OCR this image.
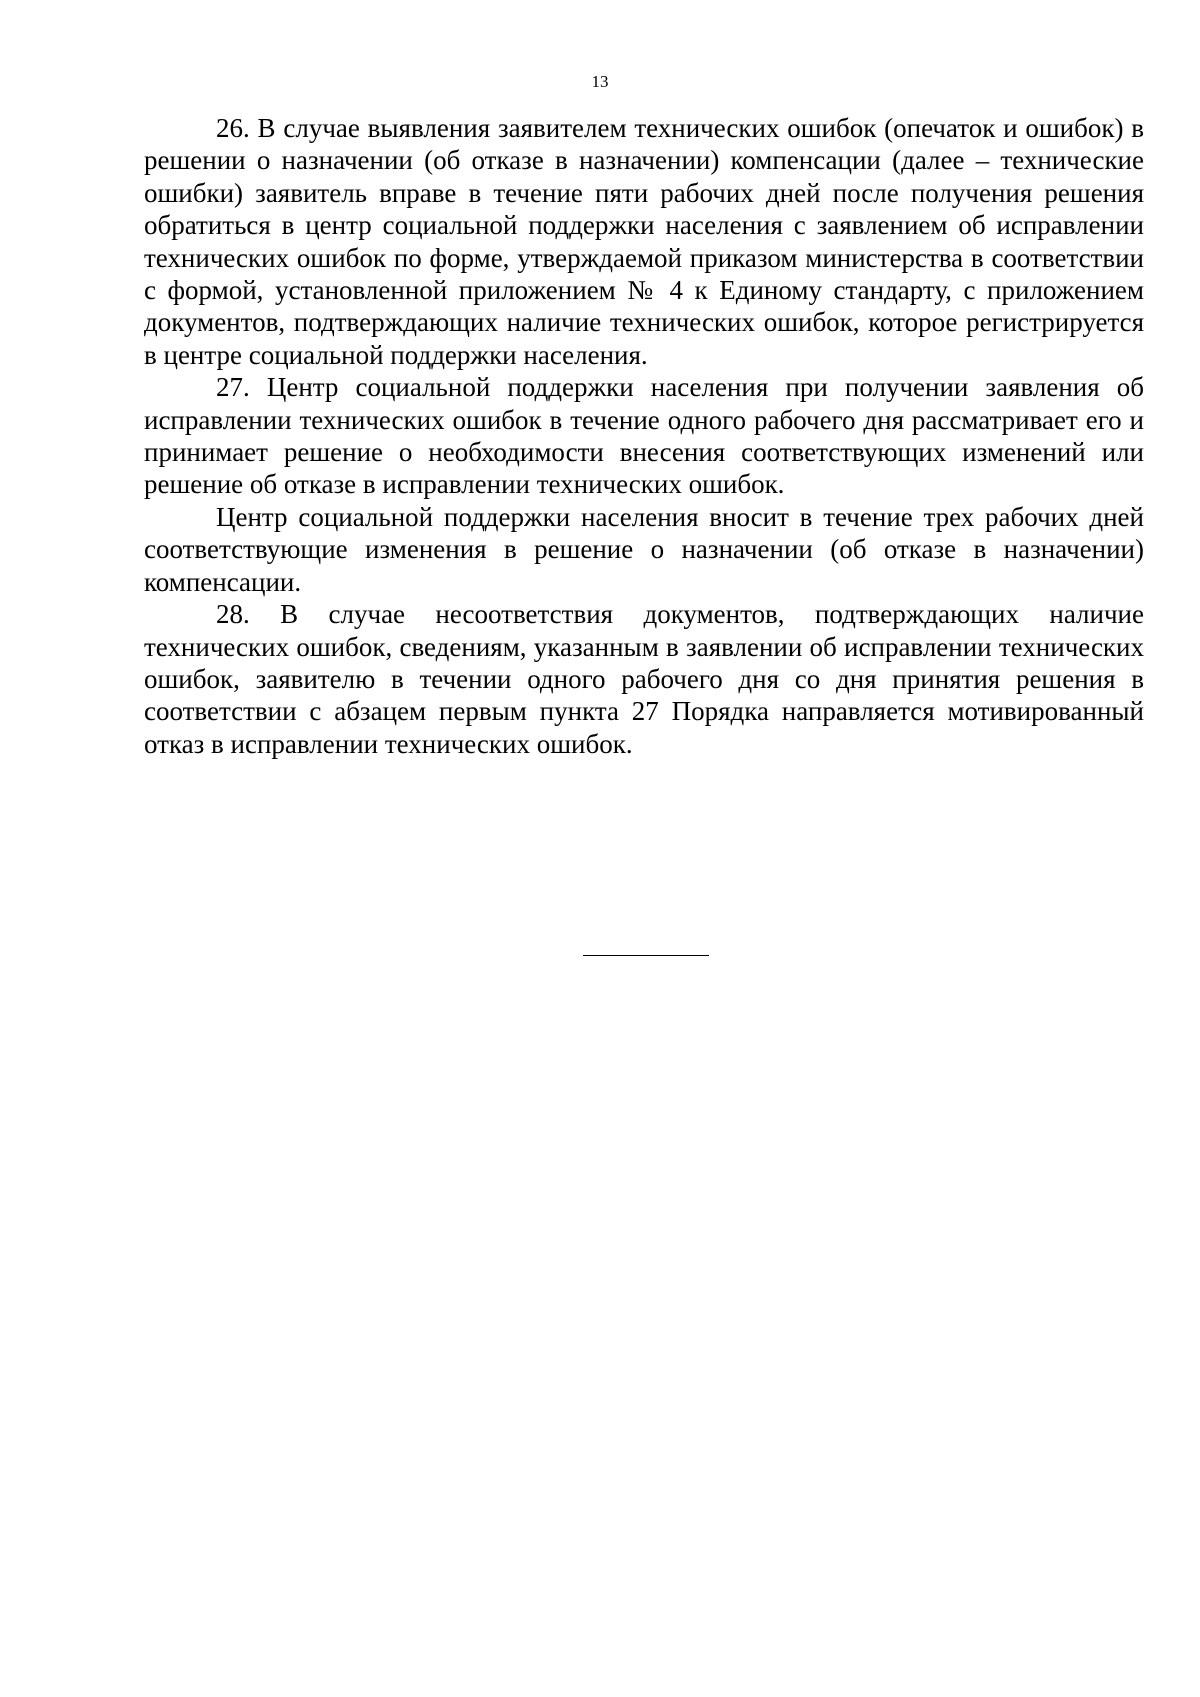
13

26. В случае выявления заявителем технических ошибок (опечаток и ошибок) в решении о назначении (об отказе в назначении) компенсации (далее – технические ошибки) заявитель вправе в течение пяти рабочих дней после получения решения обратиться в центр социальной поддержки населения с заявлением об исправлении технических ошибок по форме, утверждаемой приказом министерства в соответствии с формой, установленной приложением № 4 к Единому стандарту, с приложением документов, подтверждающих наличие технических ошибок, которое регистрируется в центре социальной поддержки населения.

27. Центр социальной поддержки населения при получении заявления об исправлении технических ошибок в течение одного рабочего дня рассматривает его и принимает решение о необходимости внесения соответствующих изменений или решение об отказе в исправлении технических ошибок.

Центр социальной поддержки населения вносит в течение трех рабочих дней соответствующие изменения в решение о назначении (об отказе в назначении) компенсации.

28. В случае несоответствия документов, подтверждающих наличие технических ошибок, сведениям, указанным в заявлении об исправлении технических ошибок, заявителю в течении одного рабочего дня со дня принятия решения в соответствии с абзацем первым пункта 27 Порядка направляется мотивированный отказ в исправлении технических ошибок.
